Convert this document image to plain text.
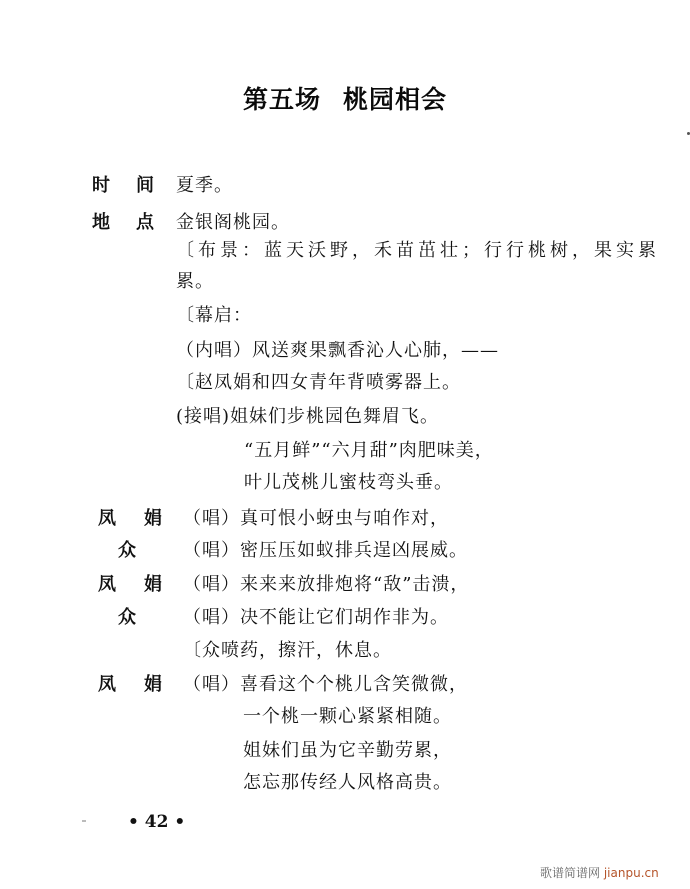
第五场 桃园相会
时 间 夏季。
地 点 金银阁桃园。
〔布景：蓝天沃野，禾苗茁壮；行行桃树，果实累
累。
〔幕启：
（内唱）风送爽果飘香沁人心肺，——
〔赵凤娟和四女青年背喷雾器上。
(接唱)姐妹们步桃园色舞眉飞。
“五月鲜”“六月甜”肉肥味美，
叶儿茂桃儿蜜枝弯头垂。
凤 娟 （唱）真可恨小蚜虫与咱作对，
众	（唱）密压压如蚁排兵逞凶展威。
凤 娟 （唱）来来来放排炮将“敌”击溃，
众	（唱）决不能让它们胡作非为。
〔众喷药，擦汗，休息。
凤 娟 （唱）喜看这个个桃儿含笑微微，
一个桃一颗心紧紧相随。
姐妹们虽为它辛勤劳累，
怎忘那传经人风格高贵。
• 42 •
歌谱简谱网 jianpu.cn
